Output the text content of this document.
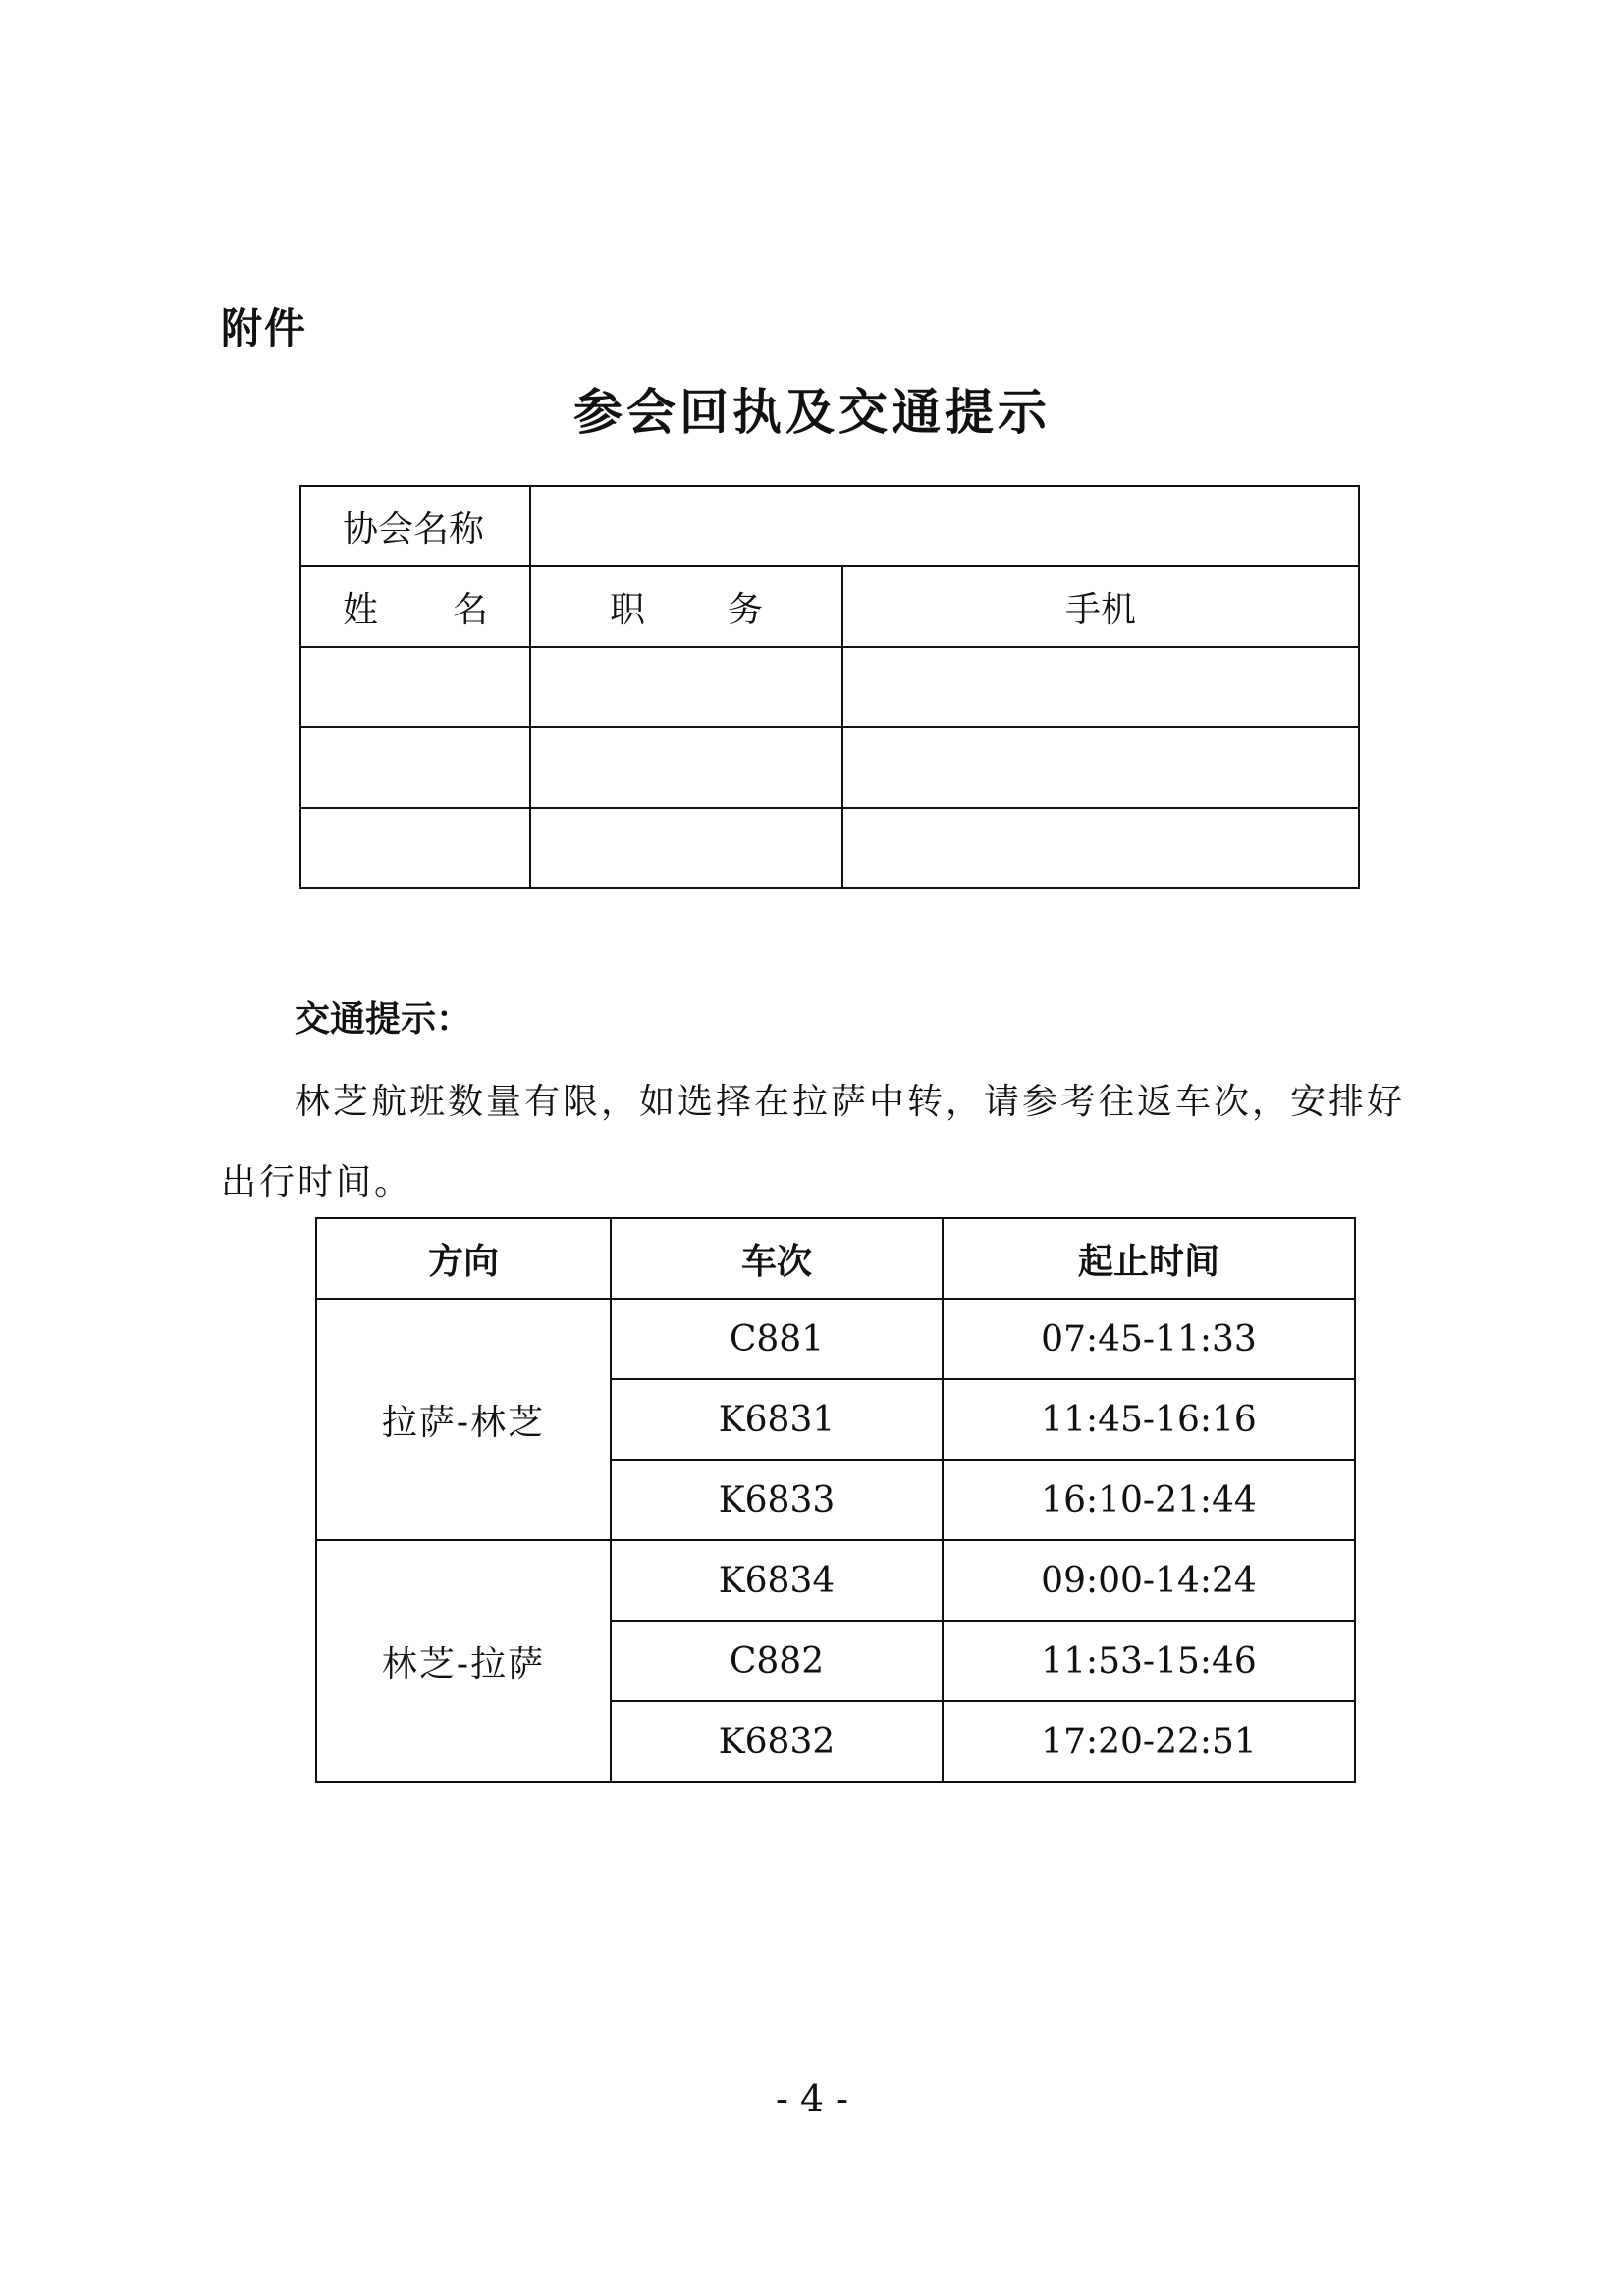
附件
参会回执及交通提示
协会名称		

姓 名	职 务	手机

交通提示：

林芝航班数量有限，如选择在拉萨中转，请参考往返车次，安排好出行时间。

方向	车次	起止时间
拉萨-林芝	C881	07:45-11:33
	K6831	11:45-16:16
	K6833	16:10-21:44
林芝-拉萨	K6834	09:00-14:24
	C882	11:53-15:46
	K6832	17:20-22:51
- 4 -
